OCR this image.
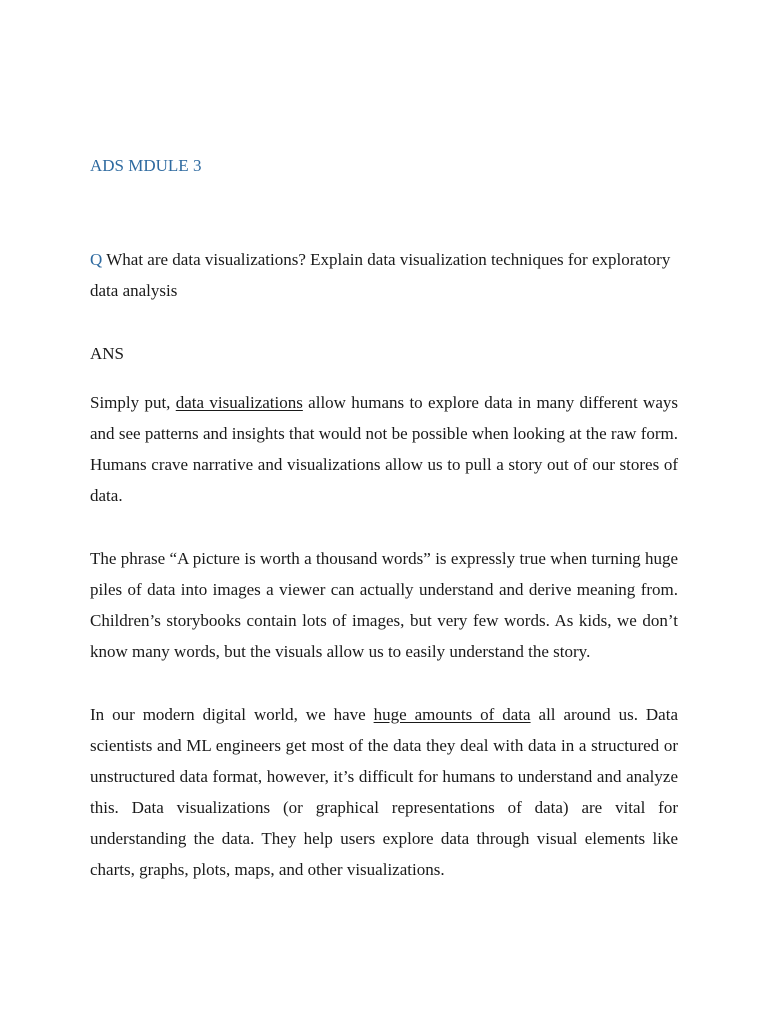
ADS MDULE 3
Q What are data visualizations? Explain data visualization techniques for exploratory data analysis
ANS

Simply put, data visualizations allow humans to explore data in many different ways and see patterns and insights that would not be possible when looking at the raw form. Humans crave narrative and visualizations allow us to pull a story out of our stores of data.

The phrase “A picture is worth a thousand words” is expressly true when turning huge piles of data into images a viewer can actually understand and derive meaning from. Children’s storybooks contain lots of images, but very few words. As kids, we don’t know many words, but the visuals allow us to easily understand the story.

In our modern digital world, we have huge amounts of data all around us. Data scientists and ML engineers get most of the data they deal with data in a structured or unstructured data format, however, it’s difficult for humans to understand and analyze this. Data visualizations (or graphical representations of data) are vital for understanding the data. They help users explore data through visual elements like charts, graphs, plots, maps, and other visualizations.
